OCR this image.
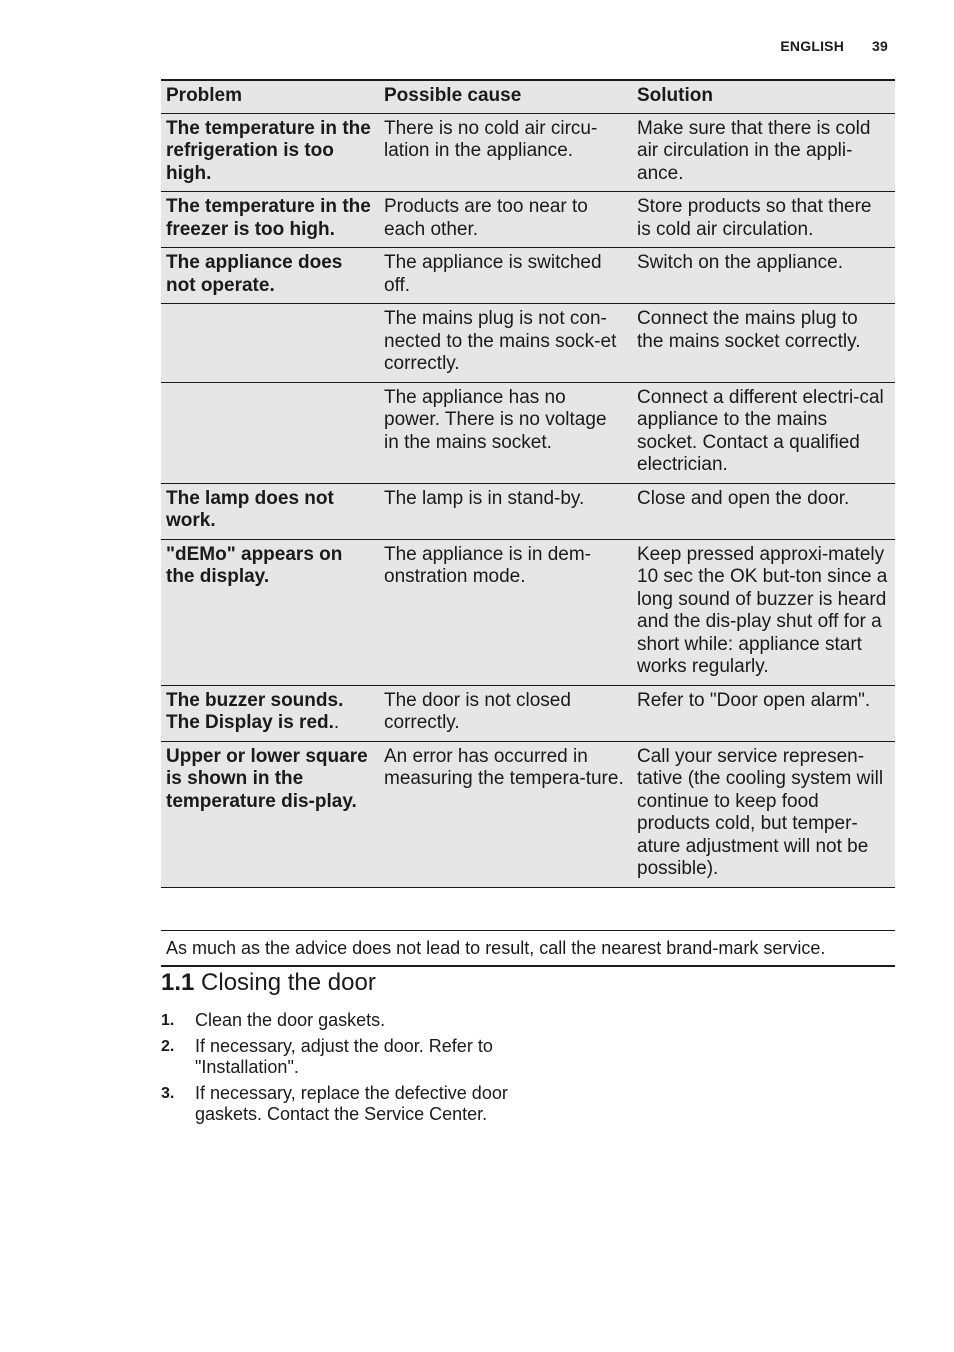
ENGLISH 39
Problem	Possible cause	Solution
The temperature in the refrigeration is too high.	There is no cold air circu-lation in the appliance.	Make sure that there is cold air circulation in the appli-ance.
The temperature in the freezer is too high.	Products are too near to each other.	Store products so that there is cold air circulation.
The appliance does not operate.	The appliance is switched off.	Switch on the appliance.
	The mains plug is not con-nected to the mains sock-et correctly.	Connect the mains plug to the mains socket correctly.
	The appliance has no power. There is no voltage in the mains socket.	Connect a different electri-cal appliance to the mains socket. Contact a qualified electrician.
The lamp does not work.	The lamp is in stand-by.	Close and open the door.
"dEMo" appears on the display.	The appliance is in dem-onstration mode.	Keep pressed approxi-mately 10 sec the OK but-ton since a long sound of buzzer is heard and the dis-play shut off for a short while: appliance start works regularly.
The buzzer sounds. The Display is red..	The door is not closed correctly.	Refer to "Door open alarm".
Upper or lower square is shown in the temperature dis-play.	An error has occurred in measuring the tempera-ture.	Call your service represen-tative (the cooling system will continue to keep food products cold, but temper-ature adjustment will not be possible).
As much as the advice does not lead to result, call the nearest brand-mark service.
1.1 Closing the door
1.	Clean the door gaskets.
2.	If necessary, adjust the door. Refer to "Installation".
3.	If necessary, replace the defective door gaskets. Contact the Service Center.
